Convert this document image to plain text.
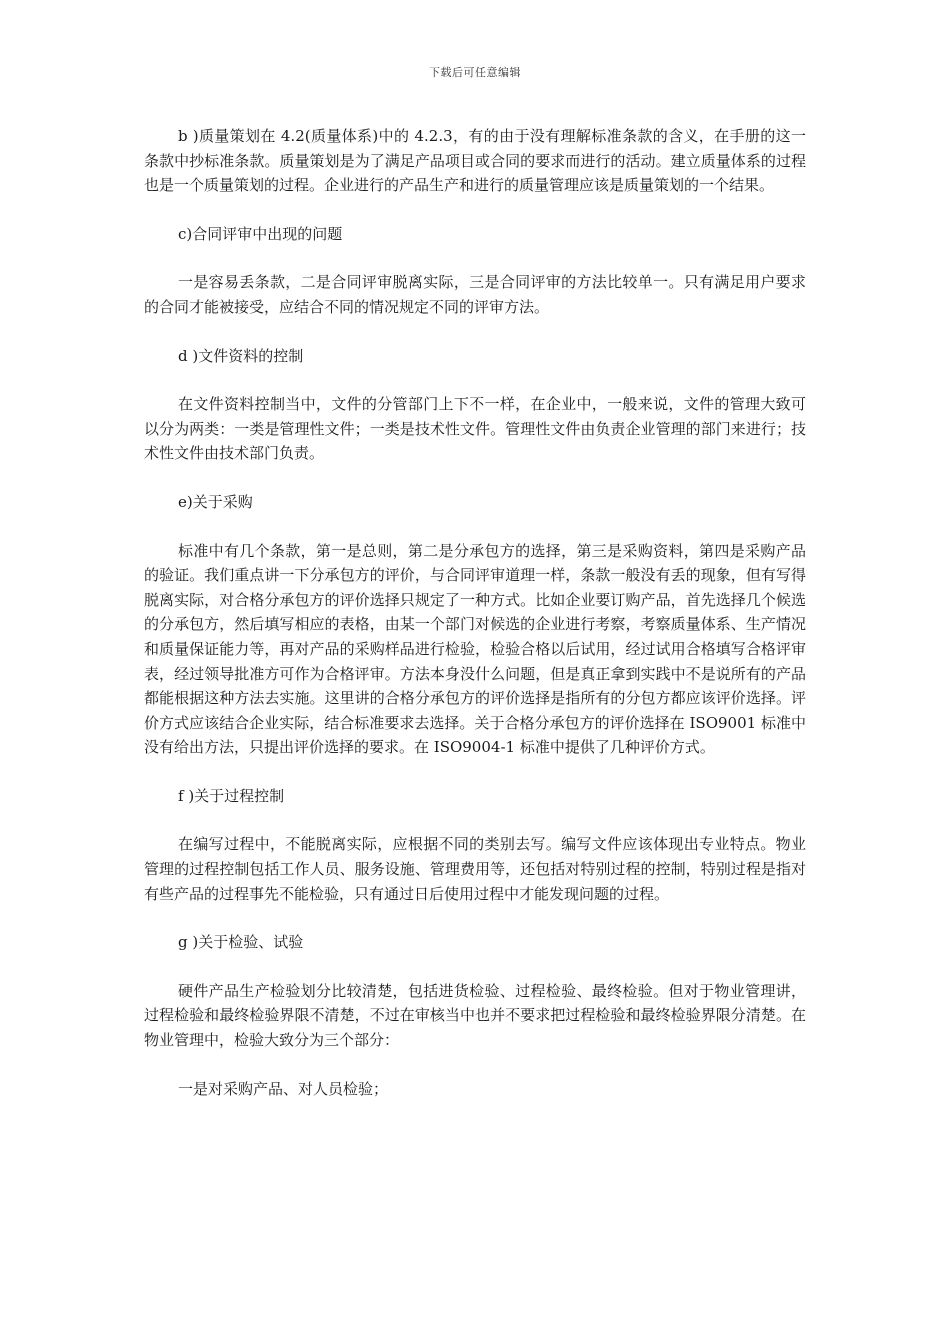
下载后可任意编辑

b )质量策划在 4.2(质量体系)中的 4.2.3，有的由于没有理解标准条款的含义，在手册的这一条款中抄标准条款。质量策划是为了满足产品项目或合同的要求而进行的活动。建立质量体系的过程也是一个质量策划的过程。企业进行的产品生产和进行的质量管理应该是质量策划的一个结果。

c)合同评审中出现的问题

一是容易丢条款，二是合同评审脱离实际，三是合同评审的方法比较单一。只有满足用户要求的合同才能被接受，应结合不同的情况规定不同的评审方法。

d )文件资料的控制

在文件资料控制当中，文件的分管部门上下不一样，在企业中，一般来说，文件的管理大致可以分为两类：一类是管理性文件；一类是技术性文件。管理性文件由负责企业管理的部门来进行；技术性文件由技术部门负责。

e)关于采购

标准中有几个条款，第一是总则，第二是分承包方的选择，第三是采购资料，第四是采购产品的验证。我们重点讲一下分承包方的评价，与合同评审道理一样，条款一般没有丢的现象，但有写得脱离实际，对合格分承包方的评价选择只规定了一种方式。比如企业要订购产品，首先选择几个候选的分承包方，然后填写相应的表格，由某一个部门对候选的企业进行考察，考察质量体系、生产情况和质量保证能力等，再对产品的采购样品进行检验，检验合格以后试用，经过试用合格填写合格评审表，经过领导批准方可作为合格评审。方法本身没什么问题，但是真正拿到实践中不是说所有的产品都能根据这种方法去实施。这里讲的合格分承包方的评价选择是指所有的分包方都应该评价选择。评价方式应该结合企业实际，结合标准要求去选择。关于合格分承包方的评价选择在 ISO9001 标准中没有给出方法，只提出评价选择的要求。在 ISO9004-1 标准中提供了几种评价方式。

f )关于过程控制

在编写过程中，不能脱离实际，应根据不同的类别去写。编写文件应该体现出专业特点。物业管理的过程控制包括工作人员、服务设施、管理费用等，还包括对特别过程的控制，特别过程是指对有些产品的过程事先不能检验，只有通过日后使用过程中才能发现问题的过程。

g )关于检验、试验

硬件产品生产检验划分比较清楚，包括进货检验、过程检验、最终检验。但对于物业管理讲，过程检验和最终检验界限不清楚，不过在审核当中也并不要求把过程检验和最终检验界限分清楚。在物业管理中，检验大致分为三个部分：

一是对采购产品、对人员检验；
